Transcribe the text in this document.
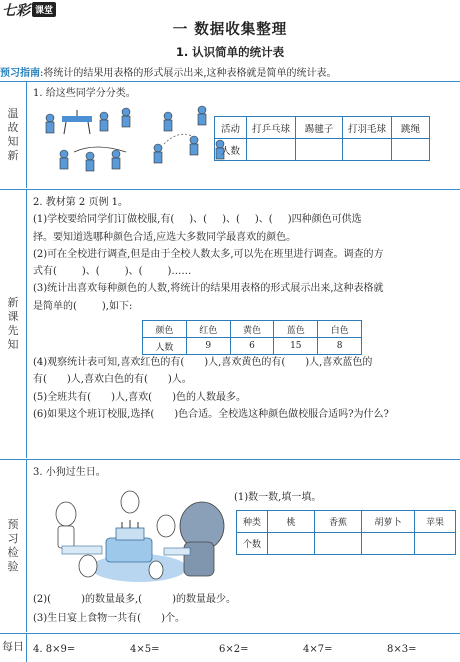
七彩 课堂
一 数据收集整理
1. 认识简单的统计表
预习指南:将统计的结果用表格的形式展示出来,这种表格就是简单的统计表。
温
故
知
新
1. 给这些同学分分类。
活动	打乒乓球	踢毽子	打羽毛球	跳绳
人数				
新
课
先
知
2. 教材第 2 页例 1。
(1)学校要给同学们订做校服,有(   )、(   )、(   )、(   )四种颜色可供选
择。要知道选哪种颜色合适,应选大多数同学最喜欢的颜色。
(2)可在全校进行调查,但是由于全校人数太多,可以先在班里进行调查。调查的方
式有(   	)、(   	)、(   	)……
(3)统计出喜欢每种颜色的人数,将统计的结果用表格的形式展示出来,这种表格就
是简单的(   	),如下:
颜色	红色	黄色	蓝色	白色
人数	9	6	15	8
(4)观察统计表可知,喜欢红色的有(   )人,喜欢黄色的有(   )人,喜欢蓝色的
有(   )人,喜欢白色的有(   )人。
(5)全班共有(   )人,喜欢(   )色的人数最多。
(6)如果这个班订校服,选择(   )色合适。全校选这种颜色做校服合适吗?为什么?
预
习
检
验
3. 小狗过生日。
(1)数一数,填一填。
种类	桃	香蕉	胡萝卜	苹果
个数				
(2)(   	)的数量最多,(   	)的数量最少。
(3)生日宴上食物一共有(   )个。
每日 4. 8×9=	4×5=	6×2=	4×7=	8×3=
